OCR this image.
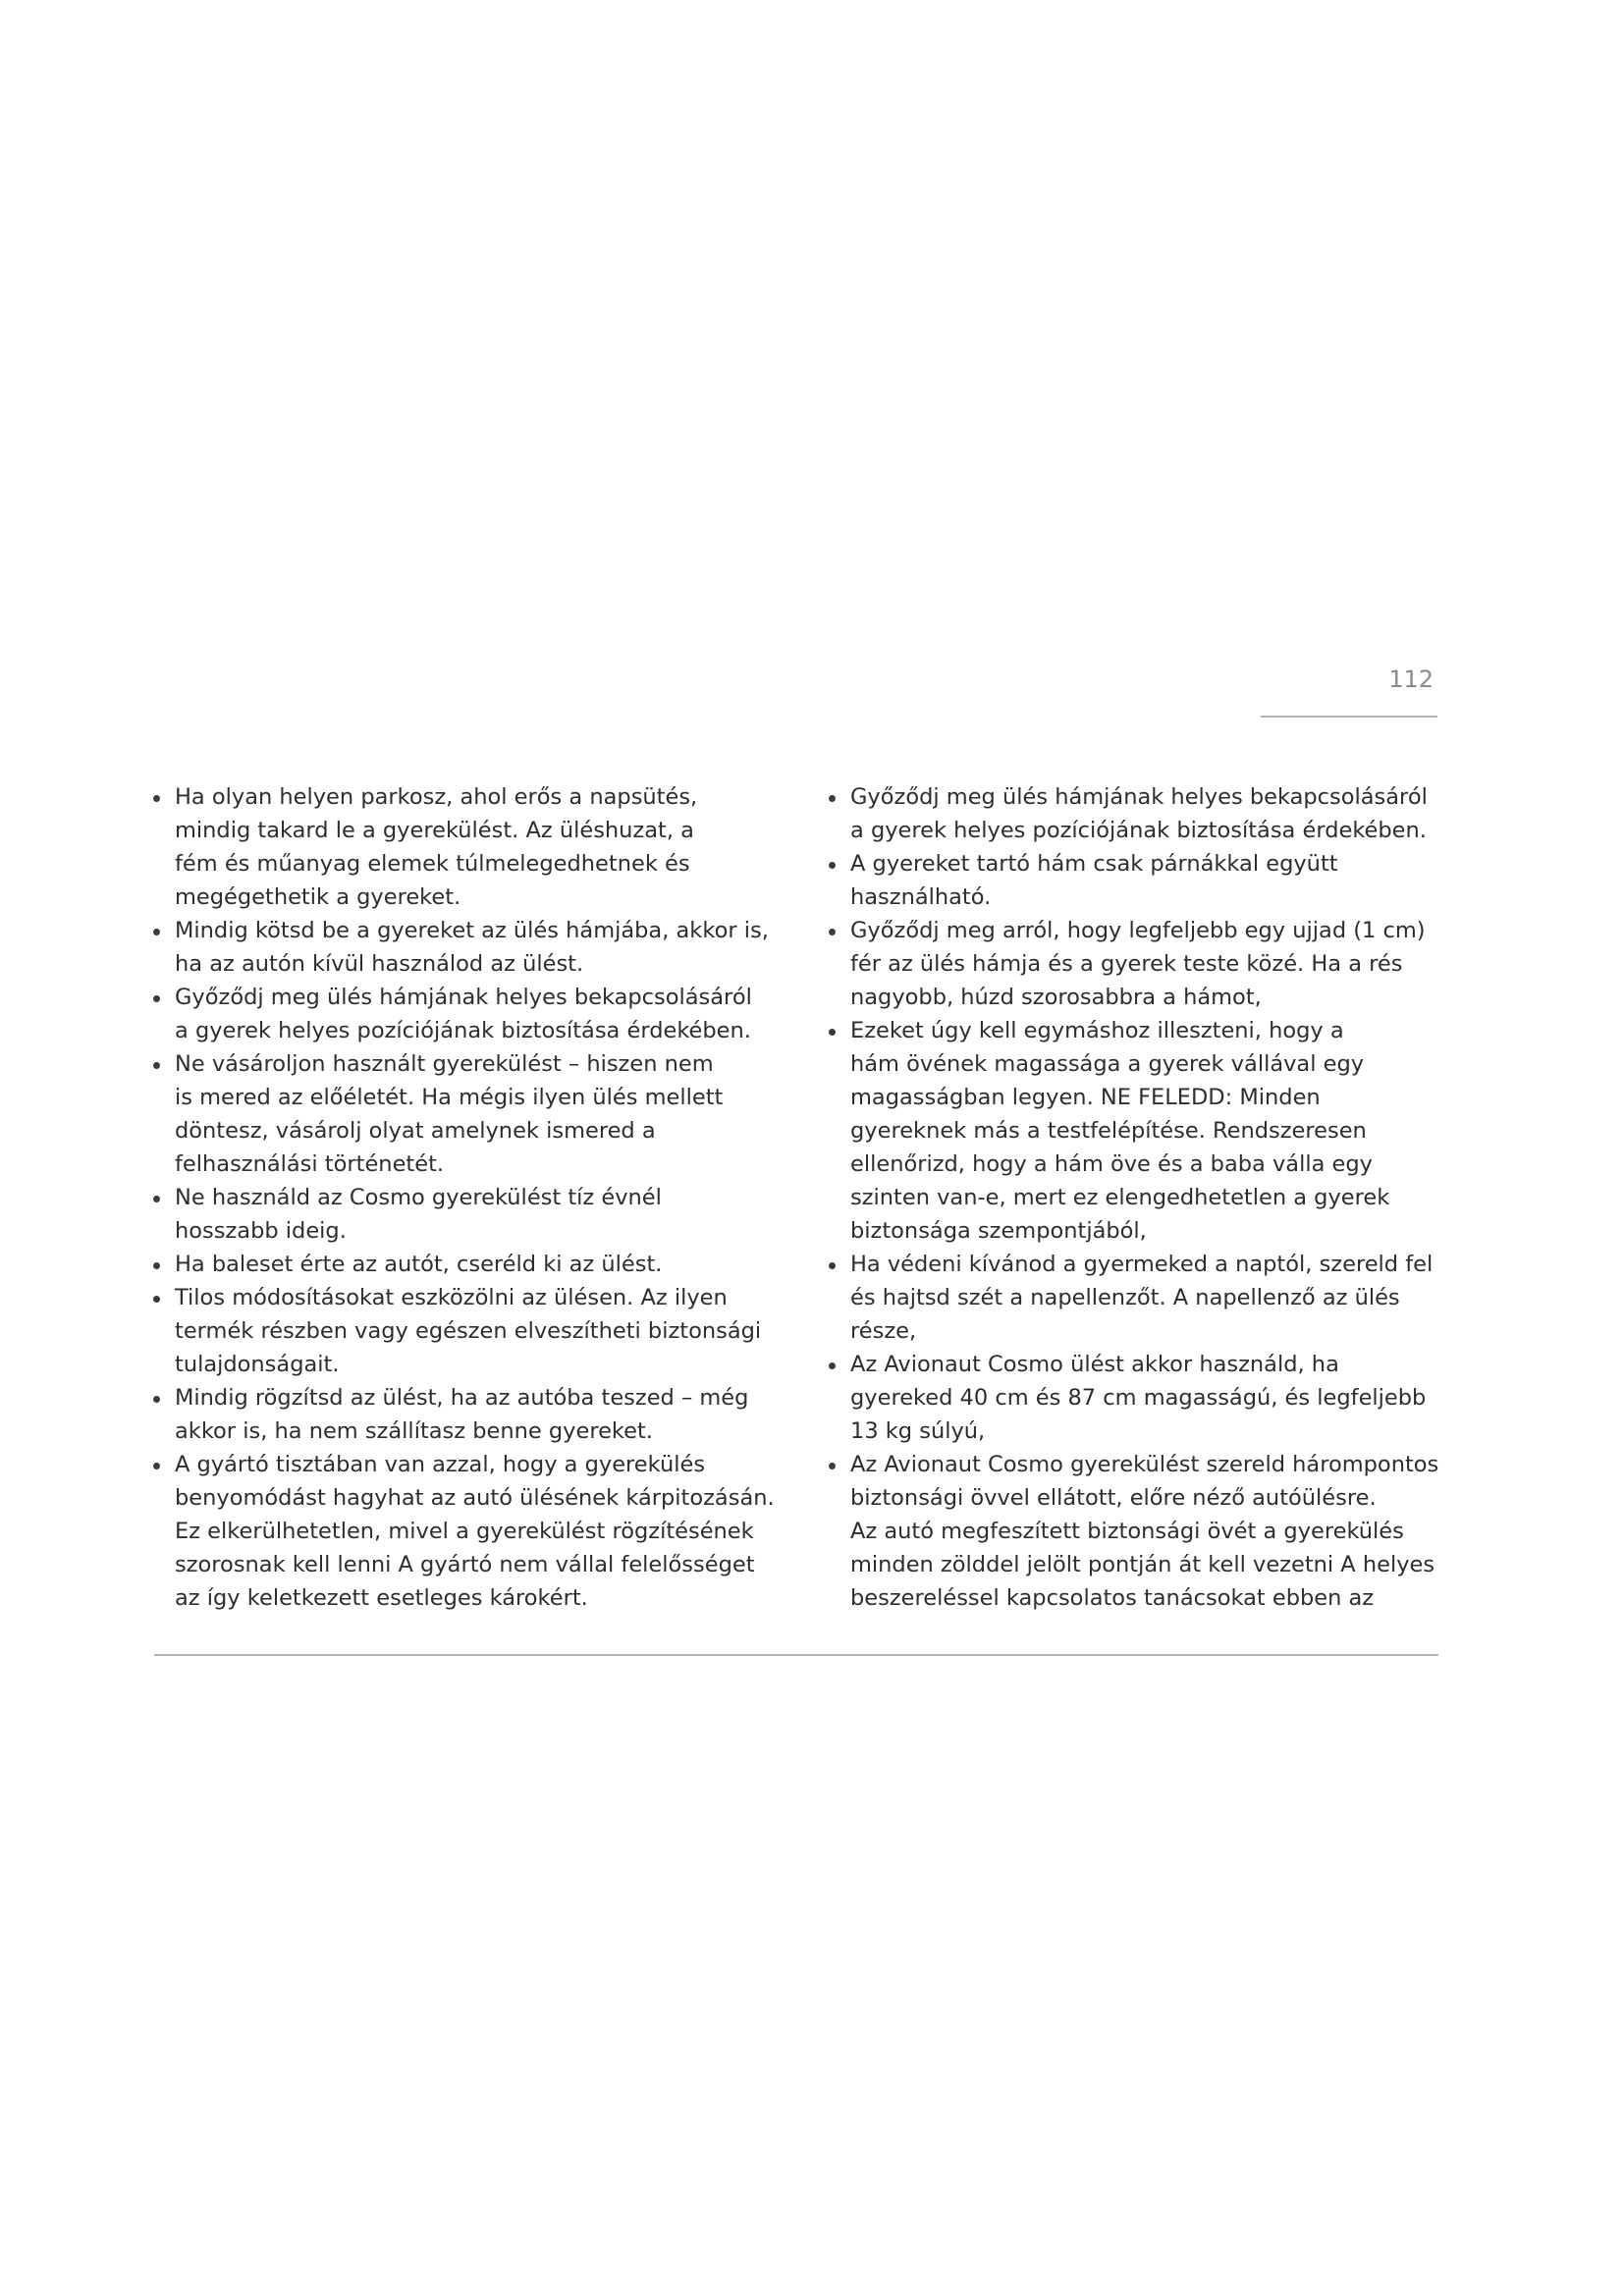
112
Ha olyan helyen parkosz, ahol erős a napsütés,
mindig takard le a gyerekülést. Az üléshuzat, a
fém és műanyag elemek túlmelegedhetnek és
megégethetik a gyereket.
Mindig kötsd be a gyereket az ülés hámjába, akkor is,
ha az autón kívül használod az ülést.
Győződj meg ülés hámjának helyes bekapcsolásáról
a gyerek helyes pozíciójának biztosítása érdekében.
Ne vásároljon használt gyerekülést – hiszen nem
is mered az előéletét. Ha mégis ilyen ülés mellett
döntesz, vásárolj olyat amelynek ismered a
felhasználási történetét.
Ne használd az Cosmo gyerekülést tíz évnél
hosszabb ideig.
Ha baleset érte az autót, cseréld ki az ülést.
Tilos módosításokat eszközölni az ülésen. Az ilyen
termék részben vagy egészen elveszítheti biztonsági
tulajdonságait.
Mindig rögzítsd az ülést, ha az autóba teszed – még
akkor is, ha nem szállítasz benne gyereket.
A gyártó tisztában van azzal, hogy a gyerekülés
benyomódást hagyhat az autó ülésének kárpitozásán.
Ez elkerülhetetlen, mivel a gyerekülést rögzítésének
szorosnak kell lenni A gyártó nem vállal felelősséget
az így keletkezett esetleges károkért.
Győződj meg ülés hámjának helyes bekapcsolásáról
a gyerek helyes pozíciójának biztosítása érdekében.
A gyereket tartó hám csak párnákkal együtt
használható.
Győződj meg arról, hogy legfeljebb egy ujjad (1 cm)
fér az ülés hámja és a gyerek teste közé. Ha a rés
nagyobb, húzd szorosabbra a hámot,
Ezeket úgy kell egymáshoz illeszteni, hogy a
hám övének magassága a gyerek vállával egy
magasságban legyen. NE FELEDD: Minden
gyereknek más a testfelépítése. Rendszeresen
ellenőrizd, hogy a hám öve és a baba válla egy
szinten van-e, mert ez elengedhetetlen a gyerek
biztonsága szempontjából,
Ha védeni kívánod a gyermeked a naptól, szereld fel
és hajtsd szét a napellenzőt. A napellenző az ülés
része,
Az Avionaut Cosmo ülést akkor használd, ha
gyereked 40 cm és 87 cm magasságú, és legfeljebb
13 kg súlyú,
Az Avionaut Cosmo gyerekülést szereld hárompontos
biztonsági övvel ellátott, előre néző autóülésre.
Az autó megfeszített biztonsági övét a gyerekülés
minden zölddel jelölt pontján át kell vezetni A helyes
beszereléssel kapcsolatos tanácsokat ebben az
